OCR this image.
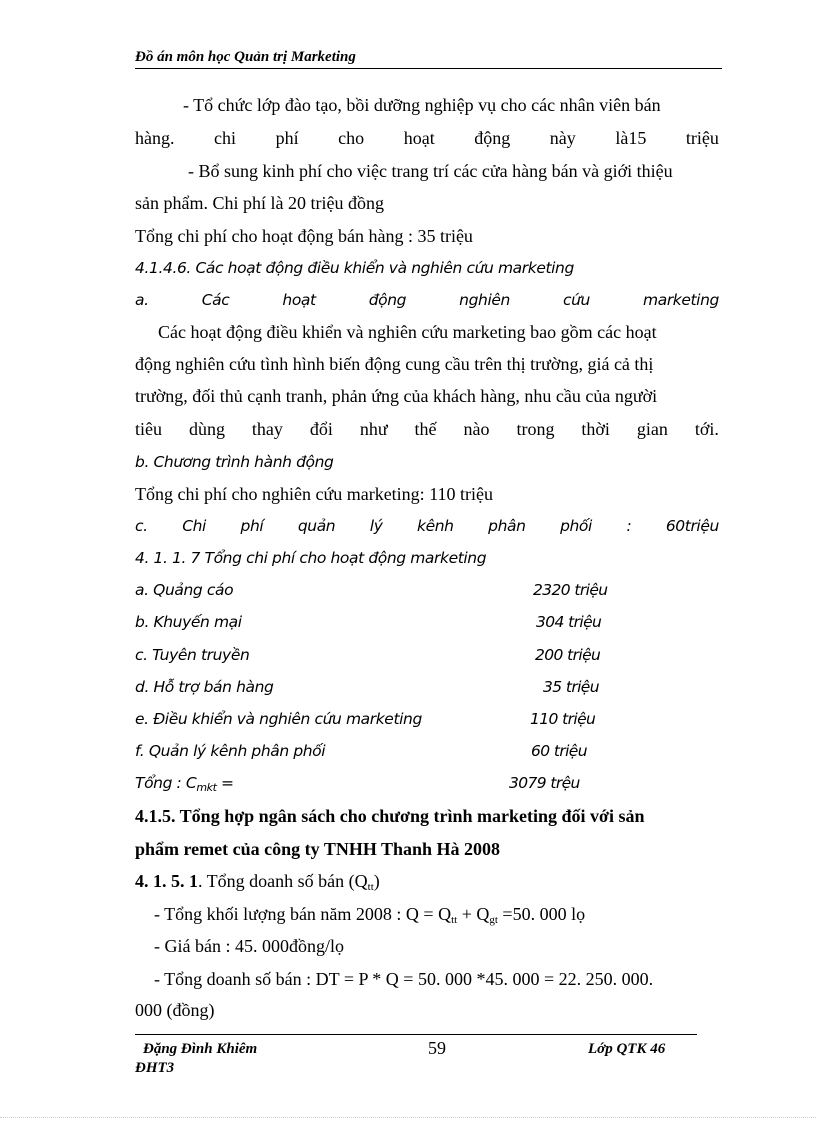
Đồ án môn học Quản trị Marketing
- Tổ chức lớp đào tạo, bồi dưỡng nghiệp vụ cho các nhân viên bán
hàng. chi phí cho hoạt động này là15 triệu
- Bổ sung kinh phí cho việc trang trí các cửa hàng bán và giới thiệu
sản phẩm. Chi phí là 20 triệu đồng
Tổng chi phí cho hoạt động bán hàng : 35 triệu
4.1.4.6. Các hoạt động điều khiển và nghiên cứu marketing
a.	Các	hoạt	động	nghiên	cứu	marketing
Các hoạt động điều khiển và nghiên cứu marketing bao gồm các hoạt
động nghiên cứu tình hình biến động cung cầu trên thị trường, giá cả thị
trường, đối thủ cạnh tranh, phản ứng của khách hàng, nhu cầu của người
tiêu dùng thay đổi như thế nào trong thời gian tới.
b. Chương trình hành động
Tổng chi phí cho nghiên cứu marketing: 110 triệu
c. Chi phí quản lý kênh phân phối : 60triệu
4. 1. 1. 7 Tổng chi phí cho hoạt động marketing
a. Quảng cáo	2320 triệu
b. Khuyến mại	304 triệu
c. Tuyên truyền	200 triệu
d. Hỗ trợ bán hàng	35 triệu
e. Điều khiển và nghiên cứu marketing	110 triệu
f. Quản lý kênh phân phối	60 triệu
Tổng : $C_{mkt}$ =	3079 trệu
4.1.5. Tổng hợp ngân sách cho chương trình marketing đối với sản
phẩm remet của công ty TNHH Thanh Hà 2008
4. 1. 5. 1. Tổng doanh số bán $(Q_{tt})$
- Tổng khối lượng bán năm 2008 : $Q = Q_{tt} + Q_{gt} =50$. 000 lọ
- Giá bán : 45. 000đồng/lọ
- Tổng doanh số bán : DT = P * Q = 50. 000 *45. 000 = 22. 250. 000.
000 (đồng)
Đặng Đình Khiêm	59	Lớp QTK 46
ĐHT3
